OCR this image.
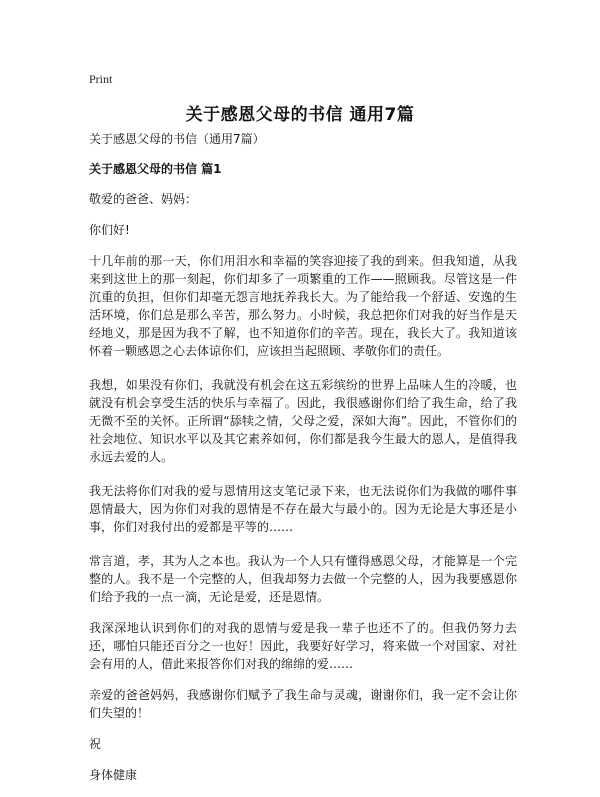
Print
关于感恩父母的书信 通用7篇

关于感恩父母的书信（通用7篇）

关于感恩父母的书信 篇1

敬爱的爸爸、妈妈：

你们好!

十几年前的那一天，你们用泪水和幸福的笑容迎接了我的到来。但我知道，从我来到这世上的那一刻起，你们却多了一项繁重的工作——照顾我。尽管这是一件沉重的负担，但你们却毫无怨言地抚养我长大。为了能给我一个舒适、安逸的生活环境，你们总是那么辛苦，那么努力。小时候，我总把你们对我的好当作是天经地义，那是因为我不了解，也不知道你们的辛苦。现在，我长大了。我知道该怀着一颗感恩之心去体谅你们，应该担当起照顾、孝敬你们的责任。

我想，如果没有你们，我就没有机会在这五彩缤纷的世界上品味人生的冷暖，也就没有机会享受生活的快乐与幸福了。因此，我很感谢你们给了我生命，给了我无微不至的关怀。正所谓“舔犊之情，父母之爱，深如大海”。因此，不管你们的社会地位、知识水平以及其它素养如何，你们都是我今生最大的恩人，是值得我永远去爱的人。

我无法将你们对我的爱与恩情用这支笔记录下来，也无法说你们为我做的哪件事恩情最大，因为你们对我的恩情是不存在最大与最小的。因为无论是大事还是小事，你们对我付出的爱都是平等的……

常言道，孝，其为人之本也。我认为一个人只有懂得感恩父母，才能算是一个完整的人。我不是一个完整的人，但我却努力去做一个完整的人，因为我要感恩你们给予我的一点一滴，无论是爱，还是恩情。

我深深地认识到你们的对我的恩情与爱是我一辈子也还不了的。但我仍努力去还，哪怕只能还百分之一也好！因此，我要好好学习，将来做一个对国家、对社会有用的人，借此来报答你们对我的绵绵的爱……

亲爱的爸爸妈妈，我感谢你们赋予了我生命与灵魂，谢谢你们，我一定不会让你们失望的！

祝

身体健康
